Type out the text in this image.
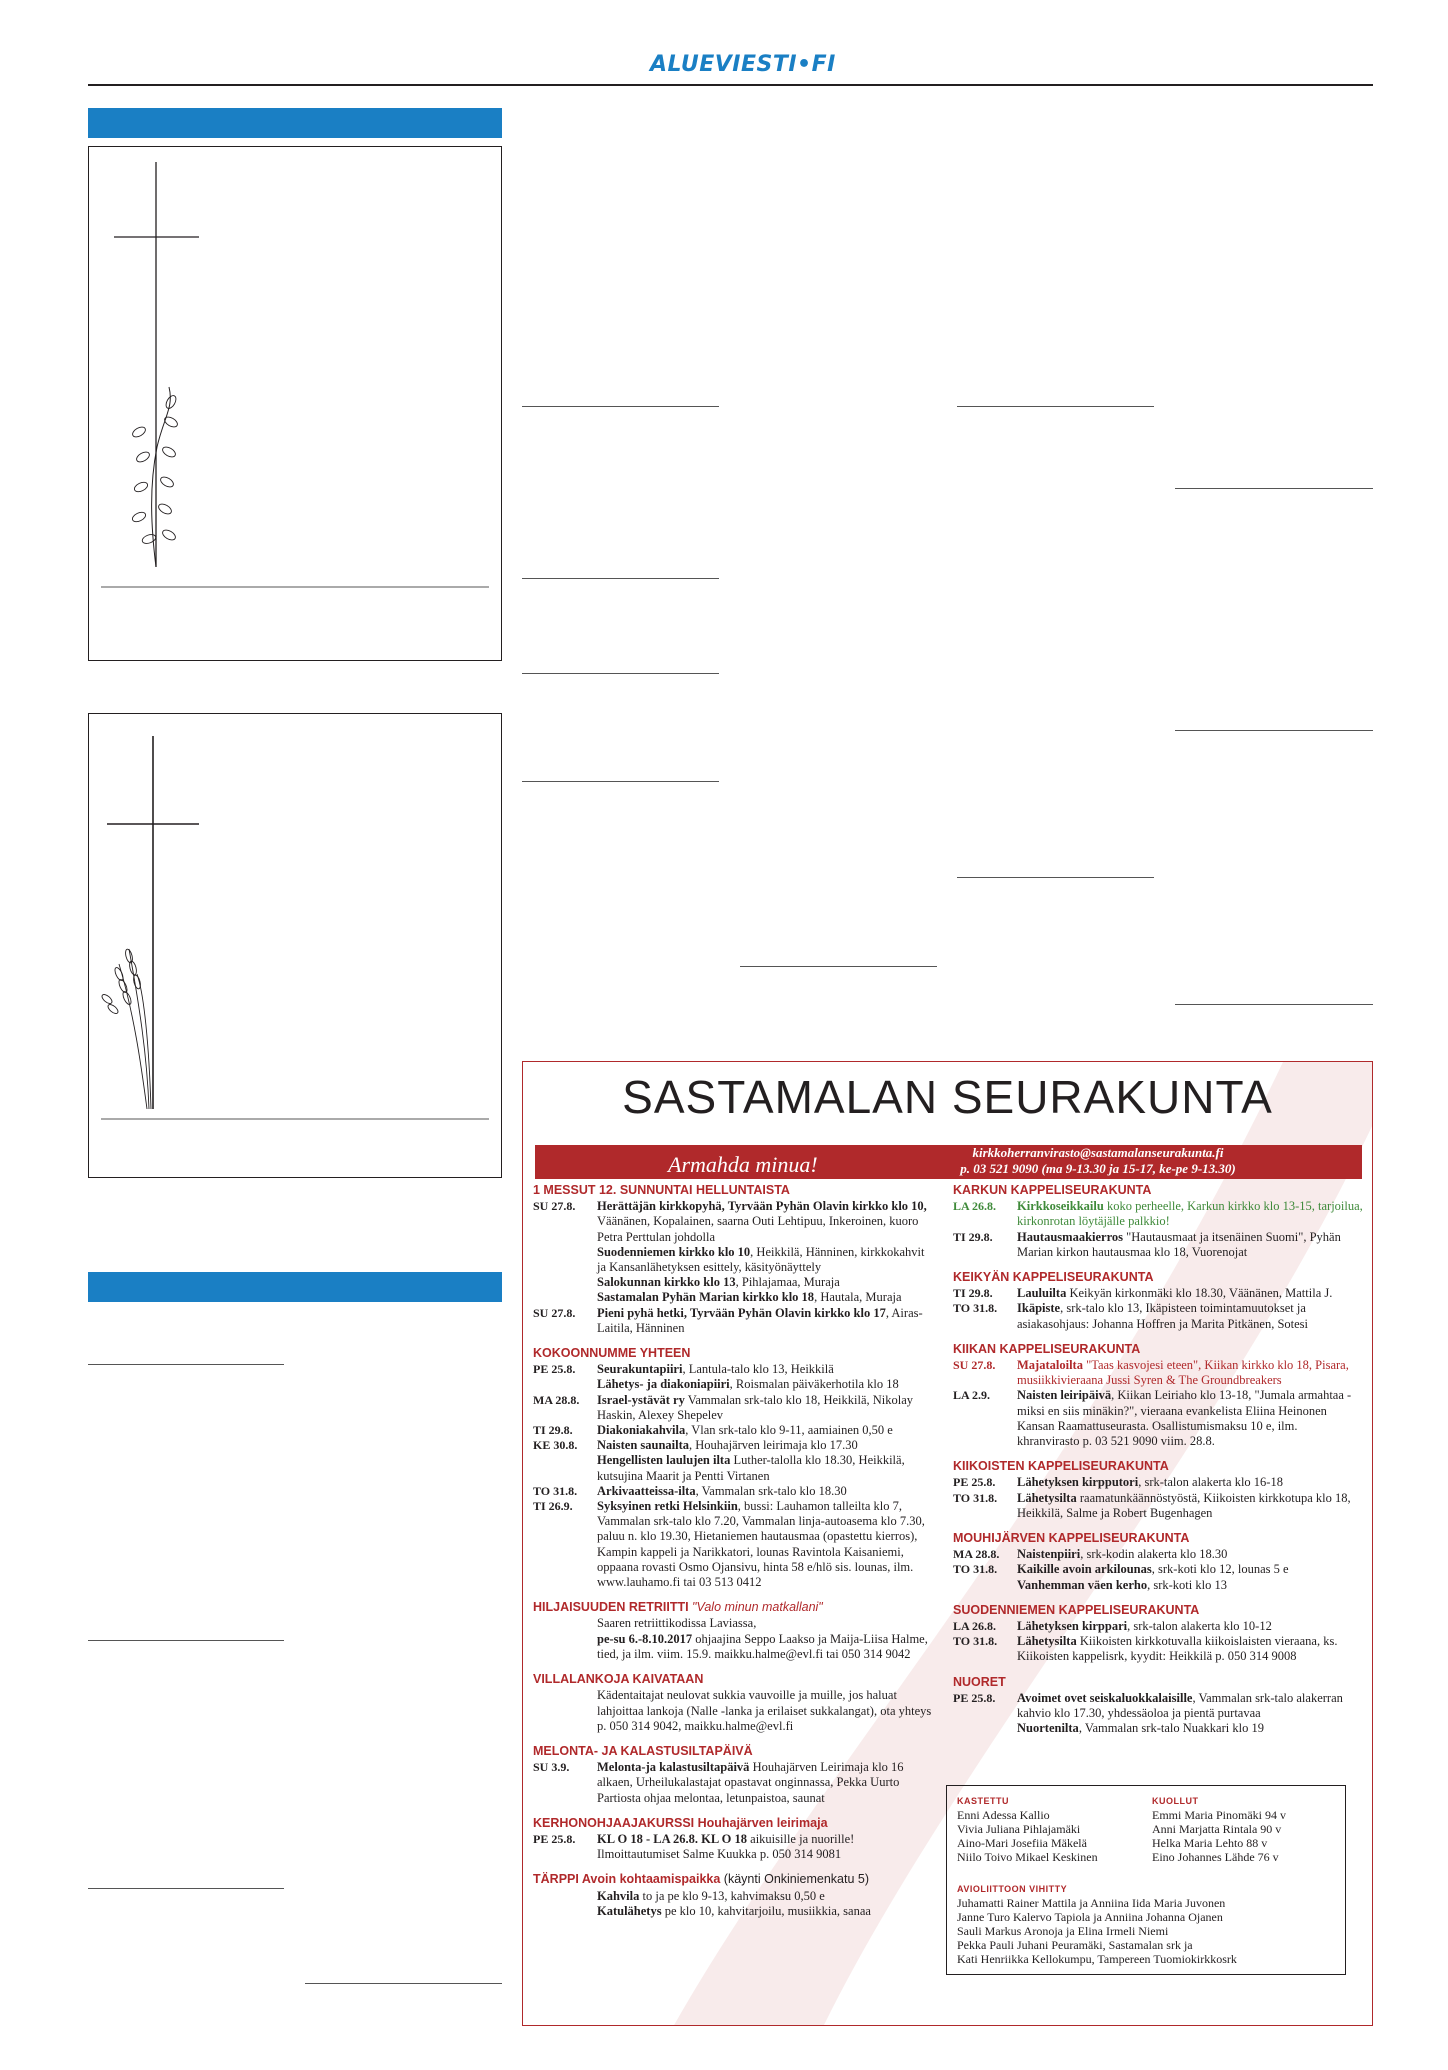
ALUEVIESTI•FI
SASTAMALAN SEURAKUNTA
Armahda minua!	kirkkoherranvirasto@sastamalanseurakunta.fi
p. 03 521 9090 (ma 9-13.30 ja 15-17, ke-pe 9-13.30)
1 MESSUT 12. SUNNUNTAI HELLUNTAISTA
SU 27.8.	Herättäjän kirkkopyhä, Tyrvään Pyhän Olavin kirkko klo 10, Väänänen, Kopalainen, saarna Outi Lehtipuu, Inkeroinen, kuoro Petra Perttulan johdolla
Suodenniemen kirkko klo 10, Heikkilä, Hänninen, kirkkokahvit ja Kansanlähetyksen esittely, käsityönäyttely
Salokunnan kirkko klo 13, Pihlajamaa, Muraja
Sastamalan Pyhän Marian kirkko klo 18, Hautala, Muraja
SU 27.8.	Pieni pyhä hetki, Tyrvään Pyhän Olavin kirkko klo 17, Airas-Laitila, Hänninen
KOKOONNUMME YHTEEN
PE 25.8.	Seurakuntapiiri, Lantula-talo klo 13, Heikkilä
Lähetys- ja diakoniapiiri, Roismalan päiväkerhotila klo 18
MA 28.8.	Israel-ystävät ry Vammalan srk-talo klo 18, Heikkilä, Nikolay Haskin, Alexey Shepelev
TI 29.8.	Diakoniakahvila, Vlan srk-talo klo 9-11, aamiainen 0,50 e
KE 30.8.	Naisten saunailta, Houhajärven leirimaja klo 17.30
Hengellisten laulujen ilta Luther-talolla klo 18.30, Heikkilä, kutsujina Maarit ja Pentti Virtanen
TO 31.8.	Arkivaatteissa-ilta, Vammalan srk-talo klo 18.30
TI 26.9.	Syksyinen retki Helsinkiin, bussi: Lauhamon talleilta klo 7, Vammalan srk-talo klo 7.20, Vammalan linja-autoasema klo 7.30, paluu n. klo 19.30, Hietaniemen hautausmaa (opastettu kierros), Kampin kappeli ja Narikkatori, lounas Ravintola Kaisaniemi, oppaana rovasti Osmo Ojansivu, hinta 58 e/hlö sis. lounas, ilm. www.lauhamo.fi tai 03 513 0412
HILJAISUUDEN RETRIITTI "Valo minun matkallani"
Saaren retriittikodissa Laviassa,
pe-su 6.-8.10.2017 ohjaajina Seppo Laakso ja Maija-Liisa Halme, tied, ja ilm. viim. 15.9. maikku.halme@evl.fi tai 050 314 9042
VILLALANKOJA KAIVATAAN
Kädentaitajat neulovat sukkia vauvoille ja muille, jos haluat lahjoittaa lankoja (Nalle -lanka ja erilaiset sukkalangat), ota yhteys p. 050 314 9042, maikku.halme@evl.fi
MELONTA- JA KALASTUSILTAPÄIVÄ
SU 3.9.	Melonta-ja kalastusiltapäivä Houhajärven Leirimaja klo 16 alkaen, Urheilukalastajat opastavat onginnassa, Pekka Uurto Partiosta ohjaa melontaa, letunpaistoa, saunat
KERHONOHJAAJAKURSSI Houhajärven leirimaja
PE 25.8.	KL O 18 - LA 26.8. KL O 18 aikuisille ja nuorille! Ilmoittautumiset Salme Kuukka p. 050 314 9081
TÄRPPI Avoin kohtaamispaikka (käynti Onkiniemenkatu 5)
Kahvila to ja pe klo 9-13, kahvimaksu 0,50 e
Katulähetys pe klo 10, kahvitarjoilu, musiikkia, sanaa
KARKUN KAPPELISEURAKUNTA
LA 26.8.	Kirkkoseikkailu koko perheelle, Karkun kirkko klo 13-15, tarjoilua, kirkonrotan löytäjälle palkkio!
TI 29.8.	Hautausmaakierros "Hautausmaat ja itsenäinen Suomi", Pyhän Marian kirkon hautausmaa klo 18, Vuorenojat
KEIKYÄN KAPPELISEURAKUNTA
TI 29.8.	Lauluilta Keikyän kirkonmäki klo 18.30, Väänänen, Mattila J.
TO 31.8.	Ikäpiste, srk-talo klo 13, Ikäpisteen toimintamuutokset ja asiakasohjaus: Johanna Hoffren ja Marita Pitkänen, Sotesi
KIIKAN KAPPELISEURAKUNTA
SU 27.8.	Majataloilta "Taas kasvojesi eteen", Kiikan kirkko klo 18, Pisara, musiikkivieraana Jussi Syren & The Groundbreakers
LA 2.9.	Naisten leiripäivä, Kiikan Leiriaho klo 13-18, "Jumala armahtaa - miksi en siis minäkin?", vieraana evankelista Eliina Heinonen Kansan Raamattuseurasta. Osallistumismaksu 10 e, ilm. khranvirasto p. 03 521 9090 viim. 28.8.
KIIKOISTEN KAPPELISEURAKUNTA
PE 25.8.	Lähetyksen kirpputori, srk-talon alakerta klo 16-18
TO 31.8.	Lähetysilta raamatunkäännöstyöstä, Kiikoisten kirkkotupa klo 18, Heikkilä, Salme ja Robert Bugenhagen
MOUHIJÄRVEN KAPPELISEURAKUNTA
MA 28.8.	Naistenpiiri, srk-kodin alakerta klo 18.30
TO 31.8.	Kaikille avoin arkilounas, srk-koti klo 12, lounas 5 e
Vanhemman väen kerho, srk-koti klo 13
SUODENNIEMEN KAPPELISEURAKUNTA
LA 26.8.	Lähetyksen kirppari, srk-talon alakerta klo 10-12
TO 31.8.	Lähetysilta Kiikoisten kirkkotuvalla kiikoislaisten vieraana, ks. Kiikoisten kappelisrk, kyydit: Heikkilä p. 050 314 9008
NUORET
PE 25.8.	Avoimet ovet seiskaluokkalaisille, Vammalan srk-talo alakerran kahvio klo 17.30, yhdessäoloa ja pientä purtavaa
Nuortenilta, Vammalan srk-talo Nuakkari klo 19
KASTETTU
Enni Adessa Kallio
Vivia Juliana Pihlajamäki
Aino-Mari Josefiia Mäkelä
Niilo Toivo Mikael Keskinen
KUOLLUT
Emmi Maria Pinomäki 94 v
Anni Marjatta Rintala 90 v
Helka Maria Lehto 88 v
Eino Johannes Lähde 76 v
AVIOLIITTOON VIHITTY
Juhamatti Rainer Mattila ja Anniina Iida Maria Juvonen
Janne Turo Kalervo Tapiola ja Anniina Johanna Ojanen
Sauli Markus Aronoja ja Elina Irmeli Niemi
Pekka Pauli Juhani Peuramäki, Sastamalan srk ja
Kati Henriikka Kellokumpu, Tampereen Tuomiokirkkosrk
